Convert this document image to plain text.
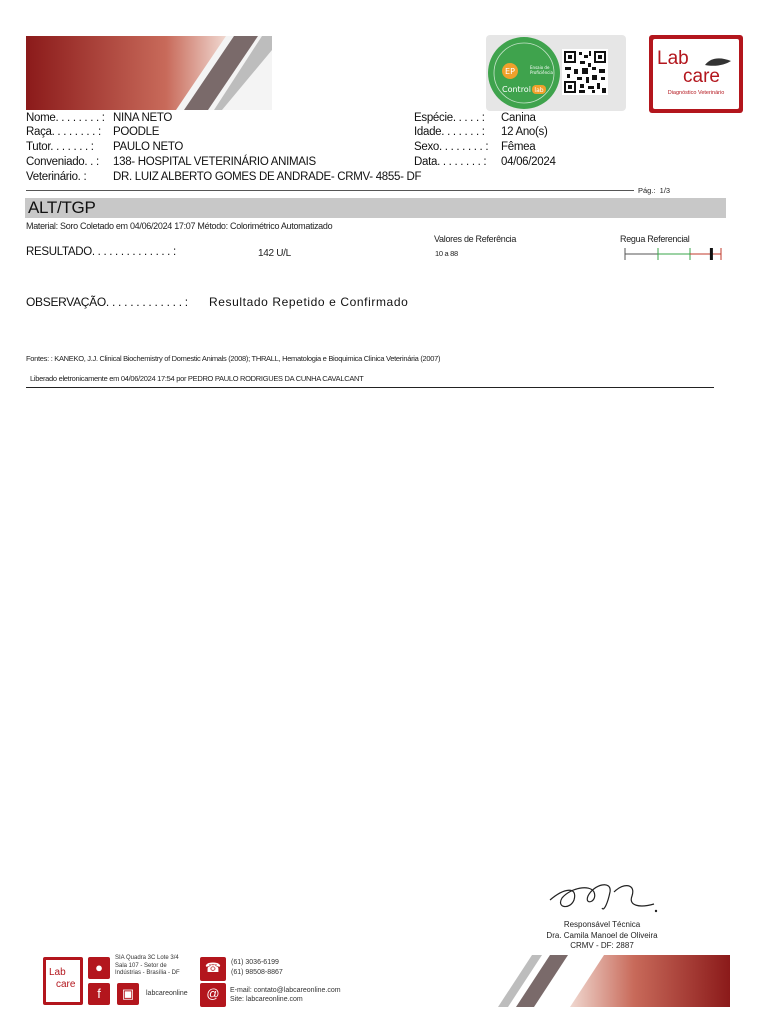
EP	Ensaio de
Proficiência
Control lab
Lab
care
Diagnóstico Veterinário
Nome. . . . . . . . : NINA NETO
Raça. . . . . . . . : POODLE
Tutor. . . . . . . : PAULO NETO
Conveniado. . : 138- HOSPITAL VETERINÁRIO ANIMAIS
Veterinário. : DR. LUIZ ALBERTO GOMES DE ANDRADE- CRMV- 4855- DF
Espécie. . . . . : Canina
Idade. . . . . . . : 12 Ano(s)
Sexo. . . . . . . . : Fêmea
Data. . . . . . . . : 04/06/2024
Pág.:  1/3
ALT/TGP
Material: Soro Coletado em 04/06/2024 17:07 Método: Colorimétrico Automatizado
Valores de Referência	Regua Referencial
RESULTADO. . . . . . . . . . . . . . :	142 U/L	10 a 88
OBSERVAÇÃO. . . . . . . . . . . . . : Resultado Repetido e Confirmado
Fontes: : KANEKO, J.J. Clinical Biochemistry of Domestic Animals (2008); THRALL, Hematologia e Bioquimica Clinica Veterinária (2007)
Liberado eletronicamente em 04/06/2024 17:54 por PEDRO PAULO RODRIGUES DA CUNHA CAVALCANT
Responsável Técnica
Dra. Camila Manoel de Oliveira
CRMV - DF: 2887
Lab
care
●
SIA Quadra 3C Lote 3/4
Sala 107 - Setor de
Indústrias - Brasília - DF
f	▣	labcareonline
☎	(61) 3036-6199
(61) 98508-8867
@	E-mail: contato@labcareonline.com
Site: labcareonline.com
